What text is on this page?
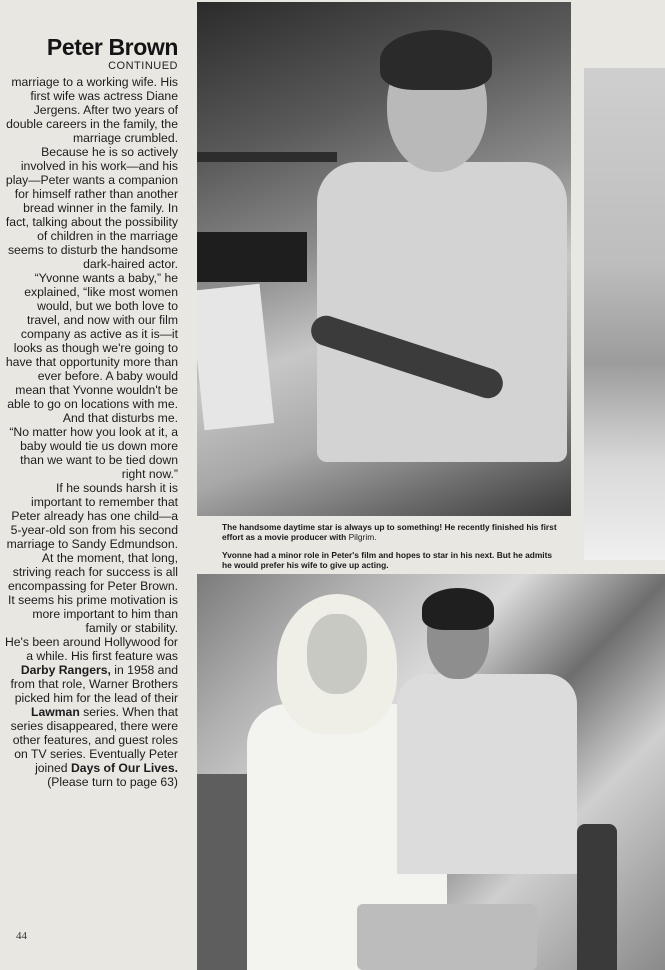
Peter Brown
CONTINUED

marriage to a working wife. His first wife was actress Diane Jergens. After two years of double careers in the family, the marriage crumbled.

Because he is so actively involved in his work—and his play—Peter wants a companion for himself rather than another bread winner in the family. In fact, talking about the possibility of children in the marriage seems to disturb the handsome dark-haired actor.

“Yvonne wants a baby,” he explained, “like most women would, but we both love to travel, and now with our film company as active as it is—it looks as though we're going to have that opportunity more than ever before. A baby would mean that Yvonne wouldn't be able to go on locations with me. And that disturbs me.

“No matter how you look at it, a baby would tie us down more than we want to be tied down right now.”

If he sounds harsh it is important to remember that Peter already has one child—a 5-year-old son from his second marriage to Sandy Edmundson.

At the moment, that long, striving reach for success is all encompassing for Peter Brown. It seems his prime motivation is more important to him than family or stability.

He's been around Hollywood for a while. His first feature was Darby Rangers, in 1958 and from that role, Warner Brothers picked him for the lead of their Lawman series. When that series disappeared, there were other features, and guest roles on TV series. Eventually Peter joined Days of Our Lives. (Please turn to page 63)

44

The handsome daytime star is always up to something! He recently finished his first effort as a movie producer with Pilgrim.

Yvonne had a minor role in Peter's film and hopes to star in his next. But he admits he would prefer his wife to give up acting.
